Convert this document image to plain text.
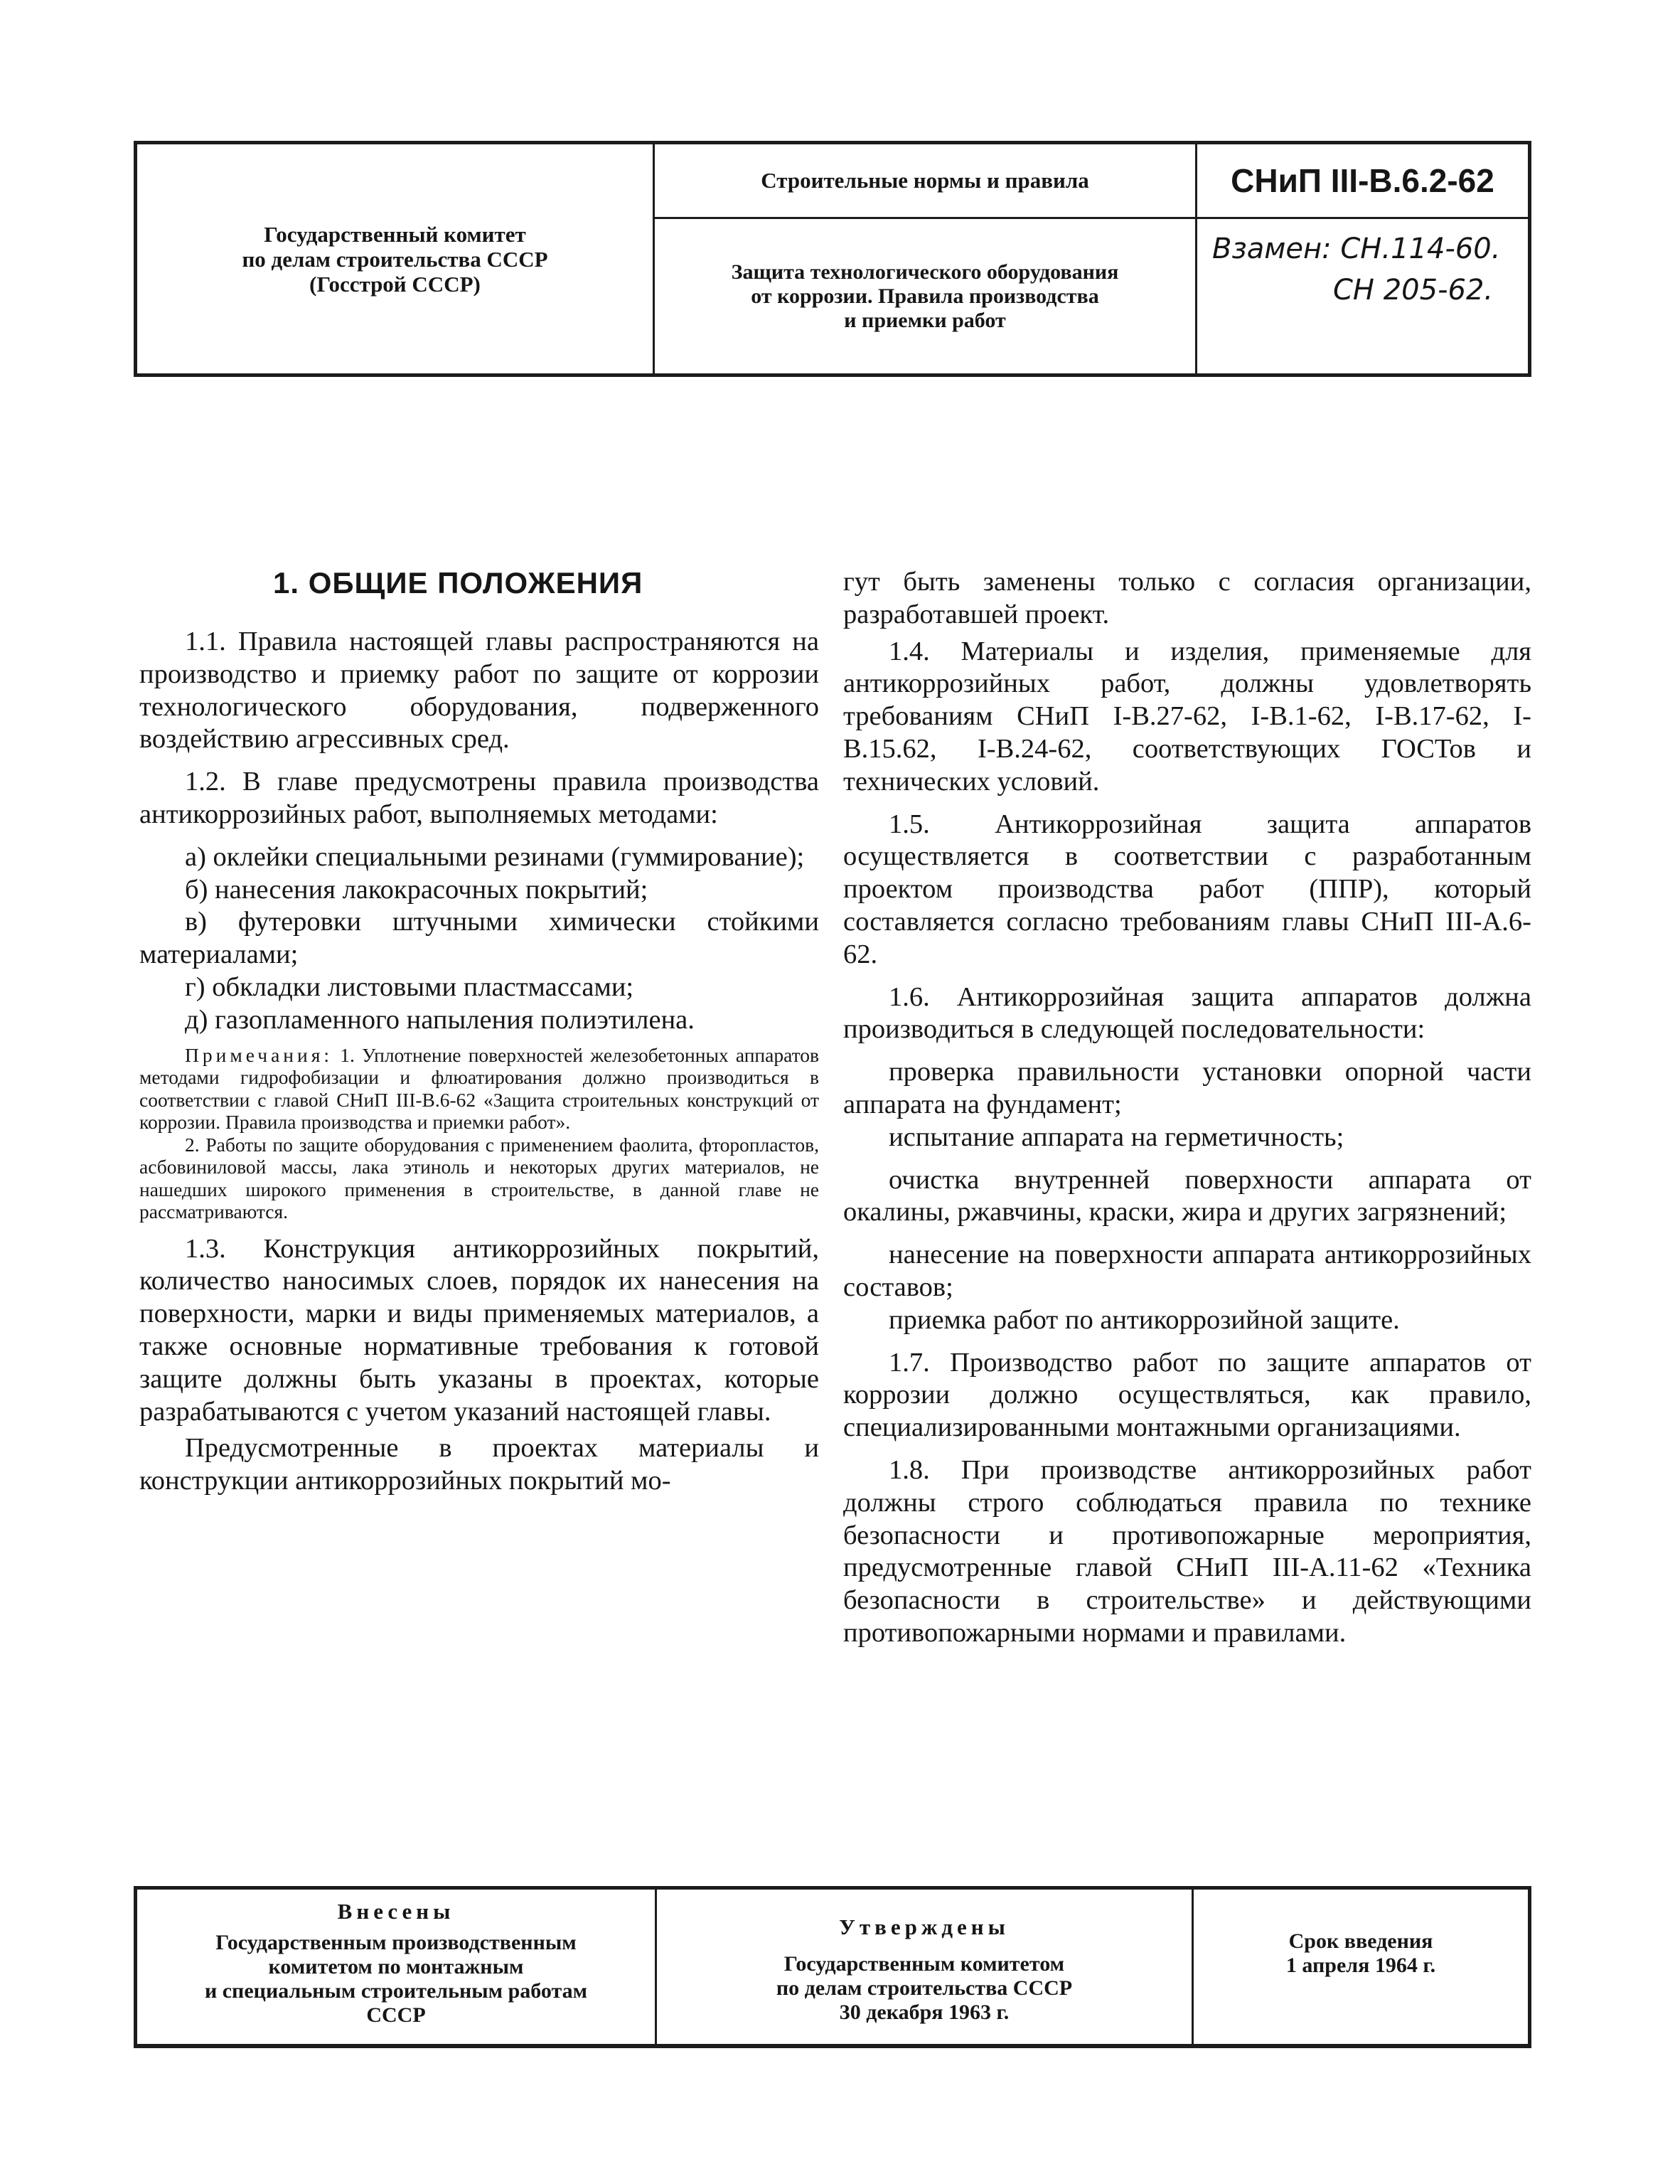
Государственный комитет
по делам строительства СССР
(Госстрой СССР)
Строительные нормы и правила	СНиП III-В.6.2-62
Защита технологического оборудования
от коррозии. Правила производства
и приемки работ
Взамен: СН.114-60.
СН 205-62.
1. ОБЩИЕ ПОЛОЖЕНИЯ

1.1. Правила настоящей главы распространяются на производство и приемку работ по защите от коррозии технологического оборудования, подверженного воздействию агрессивных сред.

1.2. В главе предусмотрены правила производства антикоррозийных работ, выполняемых методами:

а) оклейки специальными резинами (гуммирование);

б) нанесения лакокрасочных покрытий;

в) футеровки штучными химически стойкими материалами;

г) обкладки листовыми пластмассами;

д) газопламенного напыления полиэтилена.

Примечания: 1. Уплотнение поверхностей железобетонных аппаратов методами гидрофобизации и флюатирования должно производиться в соответствии с главой СНиП III-В.6-62 «Защита строительных конструкций от коррозии. Правила производства и приемки работ».

2. Работы по защите оборудования с применением фаолита, фторопластов, асбовиниловой массы, лака этиноль и некоторых других материалов, не нашедших широкого применения в строительстве, в данной главе не рассматриваются.

1.3. Конструкция антикоррозийных покрытий, количество наносимых слоев, порядок их нанесения на поверхности, марки и виды применяемых материалов, а также основные нормативные требования к готовой защите должны быть указаны в проектах, которые разрабатываются с учетом указаний настоящей главы.

Предусмотренные в проектах материалы и конструкции антикоррозийных покрытий мо-

гут быть заменены только с согласия организации, разработавшей проект.

1.4. Материалы и изделия, применяемые для антикоррозийных работ, должны удовлетворять требованиям СНиП I-В.27-62, I-В.1-62, I-В.17-62, I-В.15.62, I-В.24-62, соответствующих ГОСТов и технических условий.

1.5. Антикоррозийная защита аппаратов осуществляется в соответствии с разработанным проектом производства работ (ППР), который составляется согласно требованиям главы СНиП III-А.6-62.

1.6. Антикоррозийная защита аппаратов должна производиться в следующей последовательности:

проверка правильности установки опорной части аппарата на фундамент;

испытание аппарата на герметичность;

очистка внутренней поверхности аппарата от окалины, ржавчины, краски, жира и других загрязнений;

нанесение на поверхности аппарата антикоррозийных составов;

приемка работ по антикоррозийной защите.

1.7. Производство работ по защите аппаратов от коррозии должно осуществляться, как правило, специализированными монтажными организациями.

1.8. При производстве антикоррозийных работ должны строго соблюдаться правила по технике безопасности и противопожарные мероприятия, предусмотренные главой СНиП III-А.11-62 «Техника безопасности в строительстве» и действующими противопожарными нормами и правилами.

Внесены
Государственным производственным
комитетом по монтажным
и специальным строительным работам
СССР
Утверждены
Государственным комитетом
по делам строительства СССР
30 декабря 1963 г.
Срок введения
1 апреля 1964 г.
